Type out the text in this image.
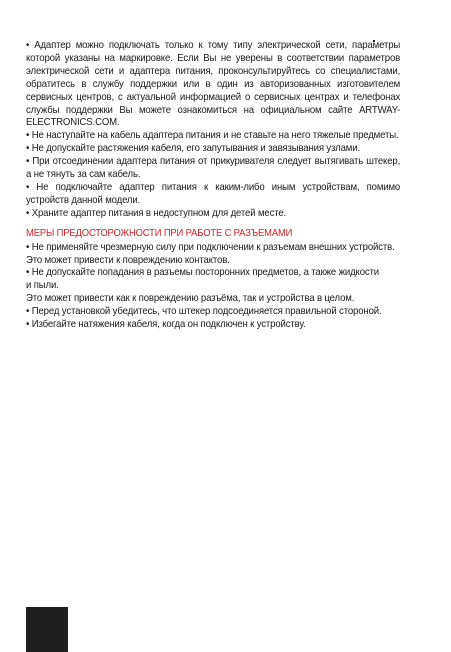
• Адаптер можно подключать только к тому типу электрической сети, параметры которой указаны на маркировке. Если Вы не уверены в соответствии параметров электрической сети и адаптера питания, проконсультируйтесь со специалистами, обратитесь в службу поддержки или в один из авторизованных изготовителем сервисных центров, с актуальной информацией о сервисных центрах и телефонах службы поддержки Вы можете ознакомиться на официальном сайте ARTWAY-ELECTRONICS.COM.

• Не наступайте на кабель адаптера питания и не ставьте на него тяжелые предметы.

• Не допускайте растяжения кабеля, его запутывания и завязывания узлами.

• При отсоединении адаптера питания от прикуривателя следует вытягивать штекер, а не тянуть за сам кабель.

• Не подключайте адаптер питания к каким-либо иным устройствам, помимо устройств данной модели.

• Храните адаптер питания в недоступном для детей месте.

МЕРЫ ПРЕДОСТОРОЖНОСТИ ПРИ РАБОТЕ С РАЗЪЕМАМИ

• Не применяйте чрезмерную силу при подключении к разъемам внешних устройств.

Это может привести к повреждению контактов.

• Не допускайте попадания в разъемы посторонних предметов, а также жидкости

и пыли.

Это может привести как к повреждению разъёма, так и устройства в целом.

• Перед установкой убедитесь, что штекер подсоединяется правильной стороной.

• Избегайте натяжения кабеля, когда он подключен к устройству.
